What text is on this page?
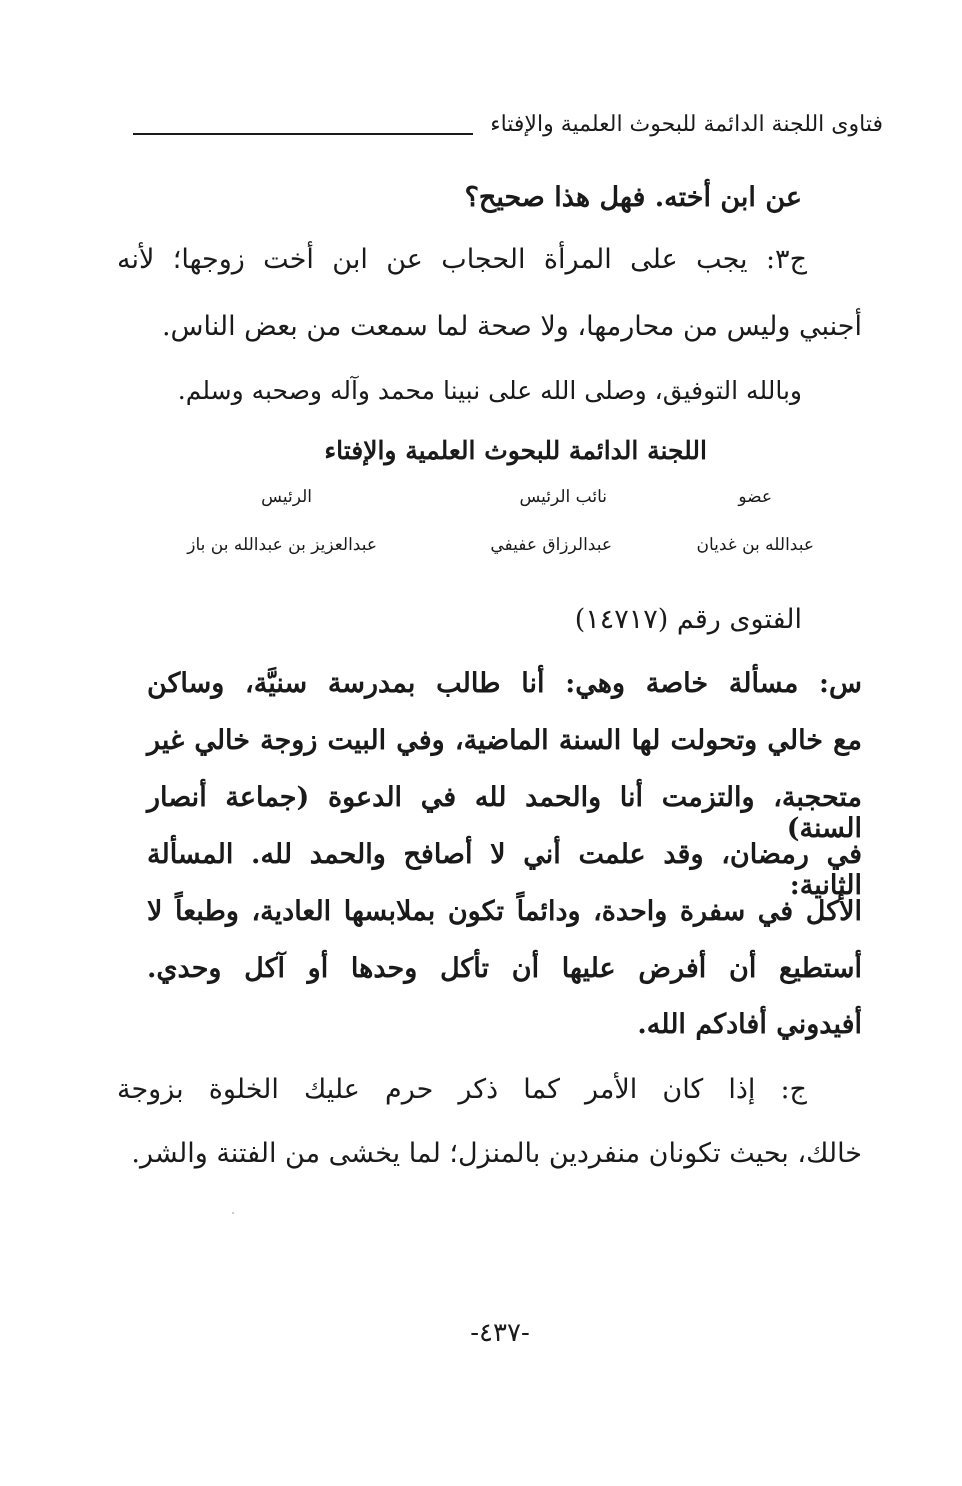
فتاوى اللجنة الدائمة للبحوث العلمية والإفتاء
عن ابن أخته. فهل هذا صحيح؟
ج٣: يجب على المرأة الحجاب عن ابن أخت زوجها؛ لأنه
أجنبي وليس من محارمها، ولا صحة لما سمعت من بعض الناس.
وبالله التوفيق، وصلى الله على نبينا محمد وآله وصحبه وسلم.
اللجنة الدائمة للبحوث العلمية والإفتاء
عضو
نائب الرئيس
الرئيس
عبدالله بن غديان
عبدالرزاق عفيفي
عبدالعزيز بن عبدالله بن باز
الفتوى رقم (١٤٧١٧)
س: مسألة خاصة وهي: أنا طالب بمدرسة سنيَّة، وساكن
مع خالي وتحولت لها السنة الماضية، وفي البيت زوجة خالي غير
متحجبة، والتزمت أنا والحمد لله في الدعوة (جماعة أنصار السنة)
في رمضان، وقد علمت أني لا أصافح والحمد لله. المسألة الثانية:
الأكل في سفرة واحدة، ودائماً تكون بملابسها العادية، وطبعاً لا
أستطيع أن أفرض عليها أن تأكل وحدها أو آكل وحدي.
أفيدوني أفادكم الله.
ج: إذا كان الأمر كما ذكر حرم عليك الخلوة بزوجة
خالك، بحيث تكونان منفردين بالمنزل؛ لما يخشى من الفتنة والشر.
-٤٣٧-
